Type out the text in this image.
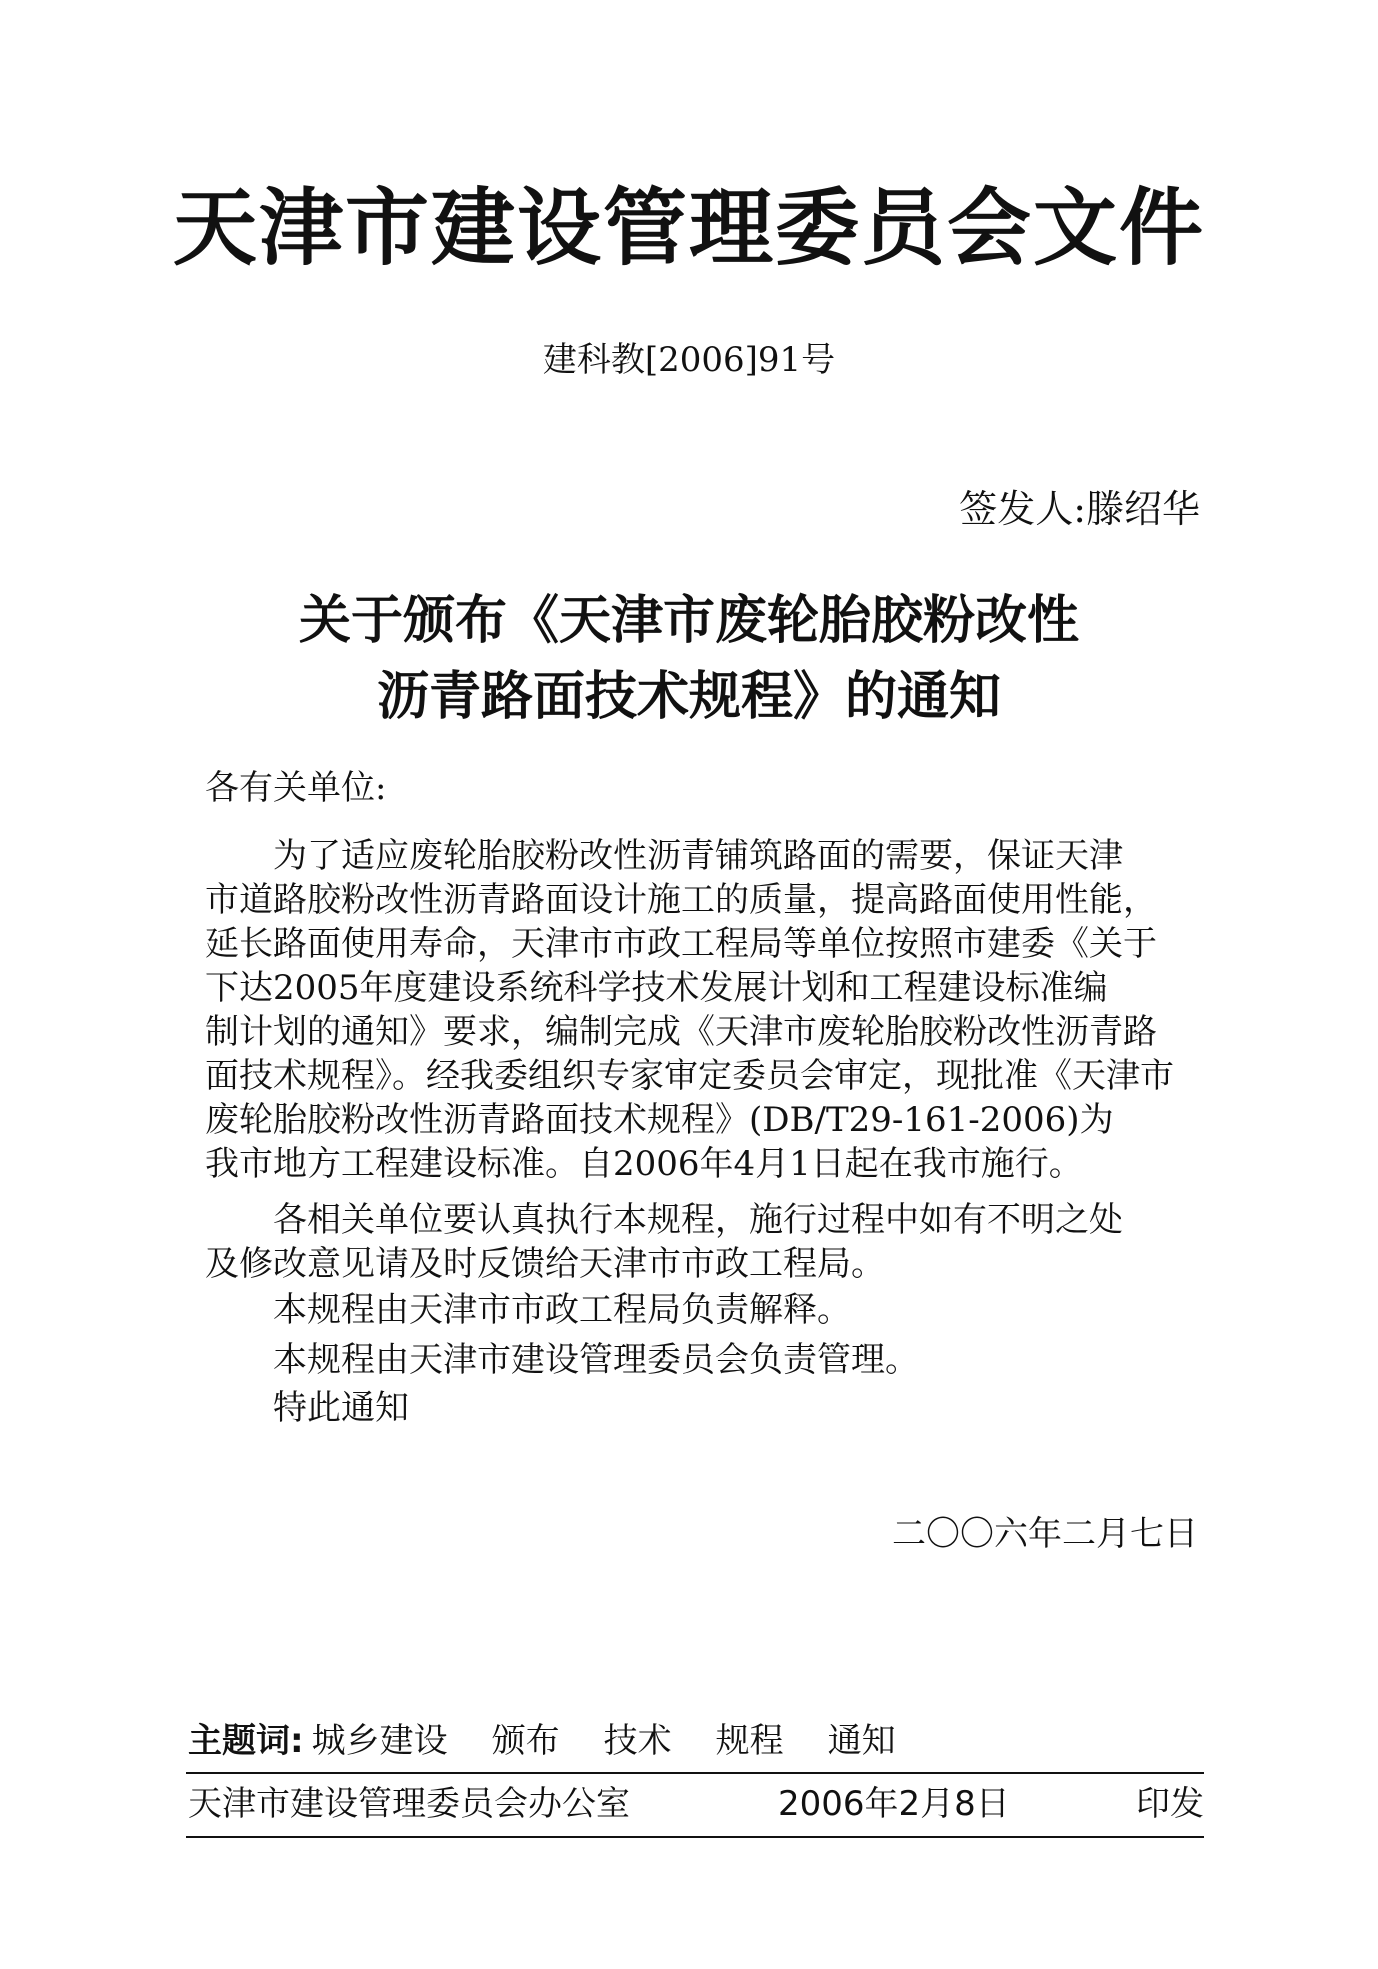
天津市建设管理委员会文件
建科教[2006]91号
签发人:滕绍华
关于颁布《天津市废轮胎胶粉改性
沥青路面技术规程》的通知
各有关单位:
为了适应废轮胎胶粉改性沥青铺筑路面的需要，保证天津
市道路胶粉改性沥青路面设计施工的质量，提高路面使用性能，
延长路面使用寿命，天津市市政工程局等单位按照市建委《关于
下达2005年度建设系统科学技术发展计划和工程建设标准编
制计划的通知》要求，编制完成《天津市废轮胎胶粉改性沥青路
面技术规程》。经我委组织专家审定委员会审定，现批准《天津市
废轮胎胶粉改性沥青路面技术规程》(DB/T29-161-2006)为
我市地方工程建设标准。自2006年4月1日起在我市施行。
各相关单位要认真执行本规程，施行过程中如有不明之处
及修改意见请及时反馈给天津市市政工程局。
本规程由天津市市政工程局负责解释。
本规程由天津市建设管理委员会负责管理。
特此通知
二〇〇六年二月七日
主题词: 城乡建设 颁布 技术 规程 通知
天津市建设管理委员会办公室	2006年2月8日	印发
